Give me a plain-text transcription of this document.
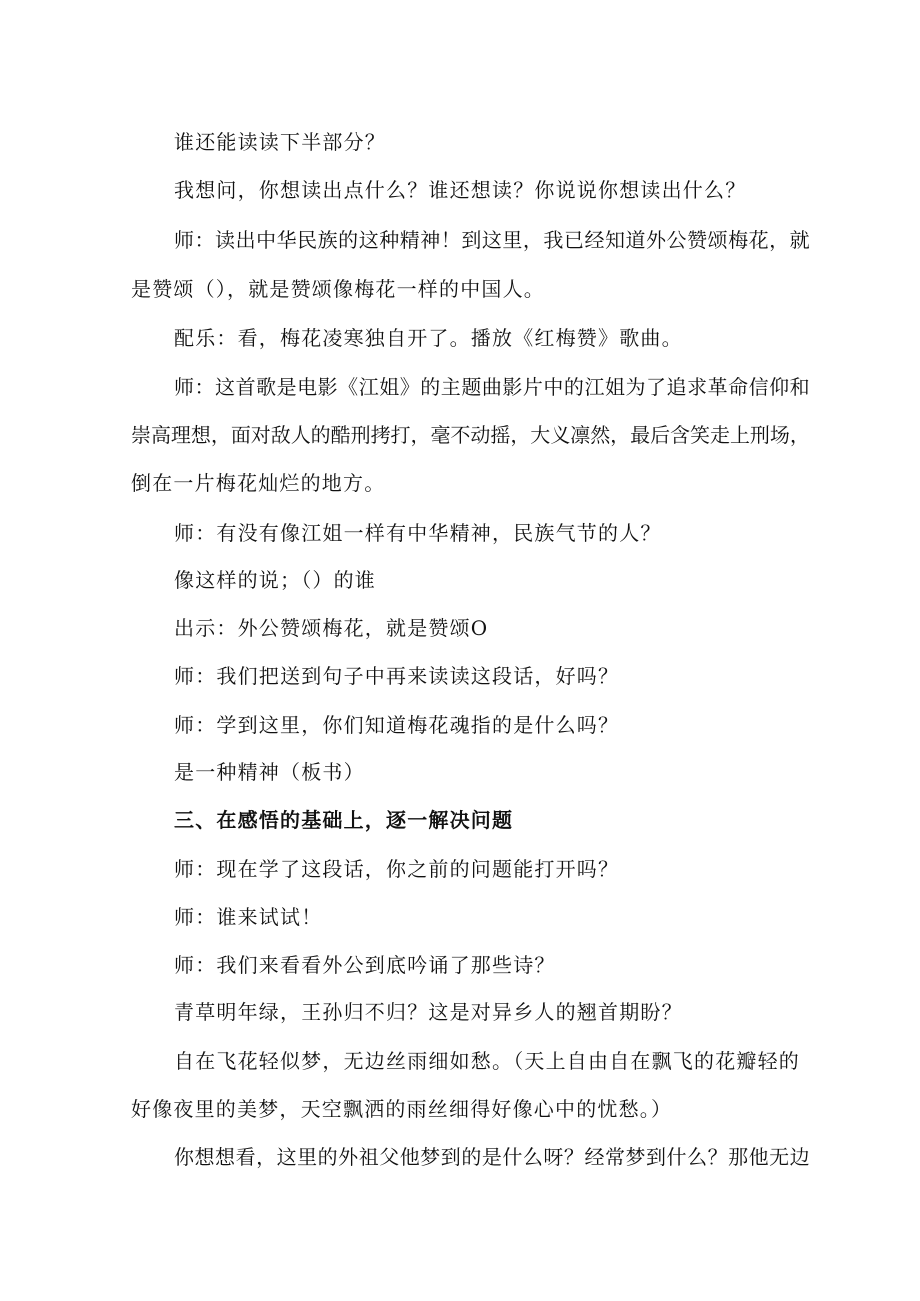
谁还能读读下半部分？
我想问，你想读出点什么？谁还想读？你说说你想读出什么？
师：读出中华民族的这种精神！到这里，我已经知道外公赞颂梅花，就
是赞颂（），就是赞颂像梅花一样的中国人。
配乐：看，梅花凌寒独自开了。播放《红梅赞》歌曲。
师：这首歌是电影《江姐》的主题曲影片中的江姐为了追求革命信仰和
崇高理想，面对敌人的酷刑拷打，毫不动摇，大义凛然，最后含笑走上刑场，
倒在一片梅花灿烂的地方。
师：有没有像江姐一样有中华精神，民族气节的人？
像这样的说；（）的谁
出示：外公赞颂梅花，就是赞颂O
师：我们把送到句子中再来读读这段话，好吗？
师：学到这里，你们知道梅花魂指的是什么吗？
是一种精神（板书）
三、在感悟的基础上，逐一解决问题
师：现在学了这段话，你之前的问题能打开吗？
师：谁来试试！
师：我们来看看外公到底吟诵了那些诗？
青草明年绿，王孙归不归？这是对异乡人的翘首期盼？
自在飞花轻似梦，无边丝雨细如愁。（天上自由自在飘飞的花瓣轻的
好像夜里的美梦，天空飘洒的雨丝细得好像心中的忧愁。）
你想想看，这里的外祖父他梦到的是什么呀？经常梦到什么？那他无边
